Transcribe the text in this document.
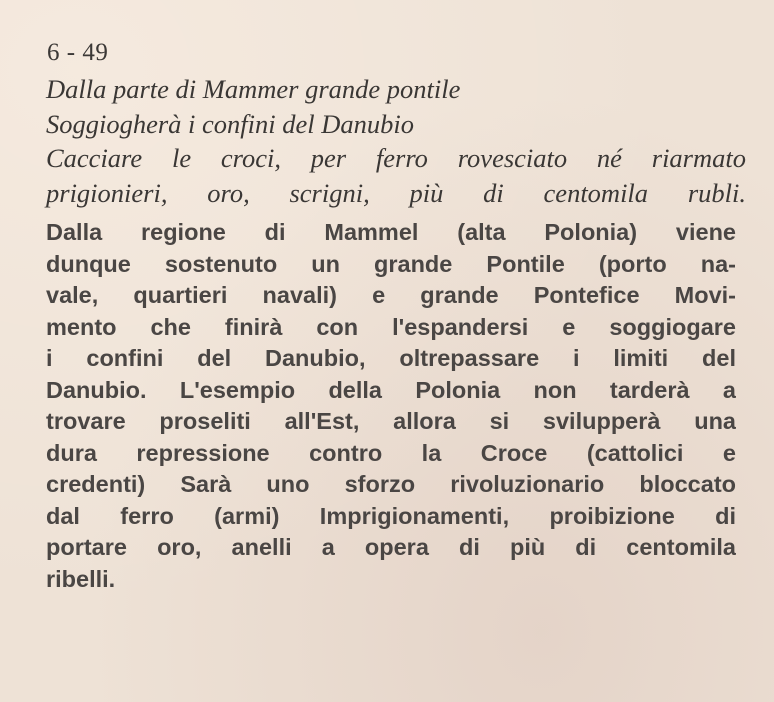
6 - 49
Dalla parte di Mammer grande pontile
Soggiogherà i confini del Danubio
Cacciare le croci, per ferro rovesciato né riarmato
prigionieri, oro, scrigni, più di centomila rubli.
Dalla regione di Mammel (alta Polonia) viene
dunque sostenuto un grande Pontile (porto na-
vale, quartieri navali) e grande Pontefice Movi-
mento che finirà con l'espandersi e soggiogare
i confini del Danubio, oltrepassare i limiti del
Danubio. L'esempio della Polonia non tarderà a
trovare proseliti all'Est, allora si svilupperà una
dura repressione contro la Croce (cattolici e
credenti) Sarà uno sforzo rivoluzionario bloccato
dal ferro (armi) Imprigionamenti, proibizione di
portare oro, anelli a opera di più di centomila
ribelli.
